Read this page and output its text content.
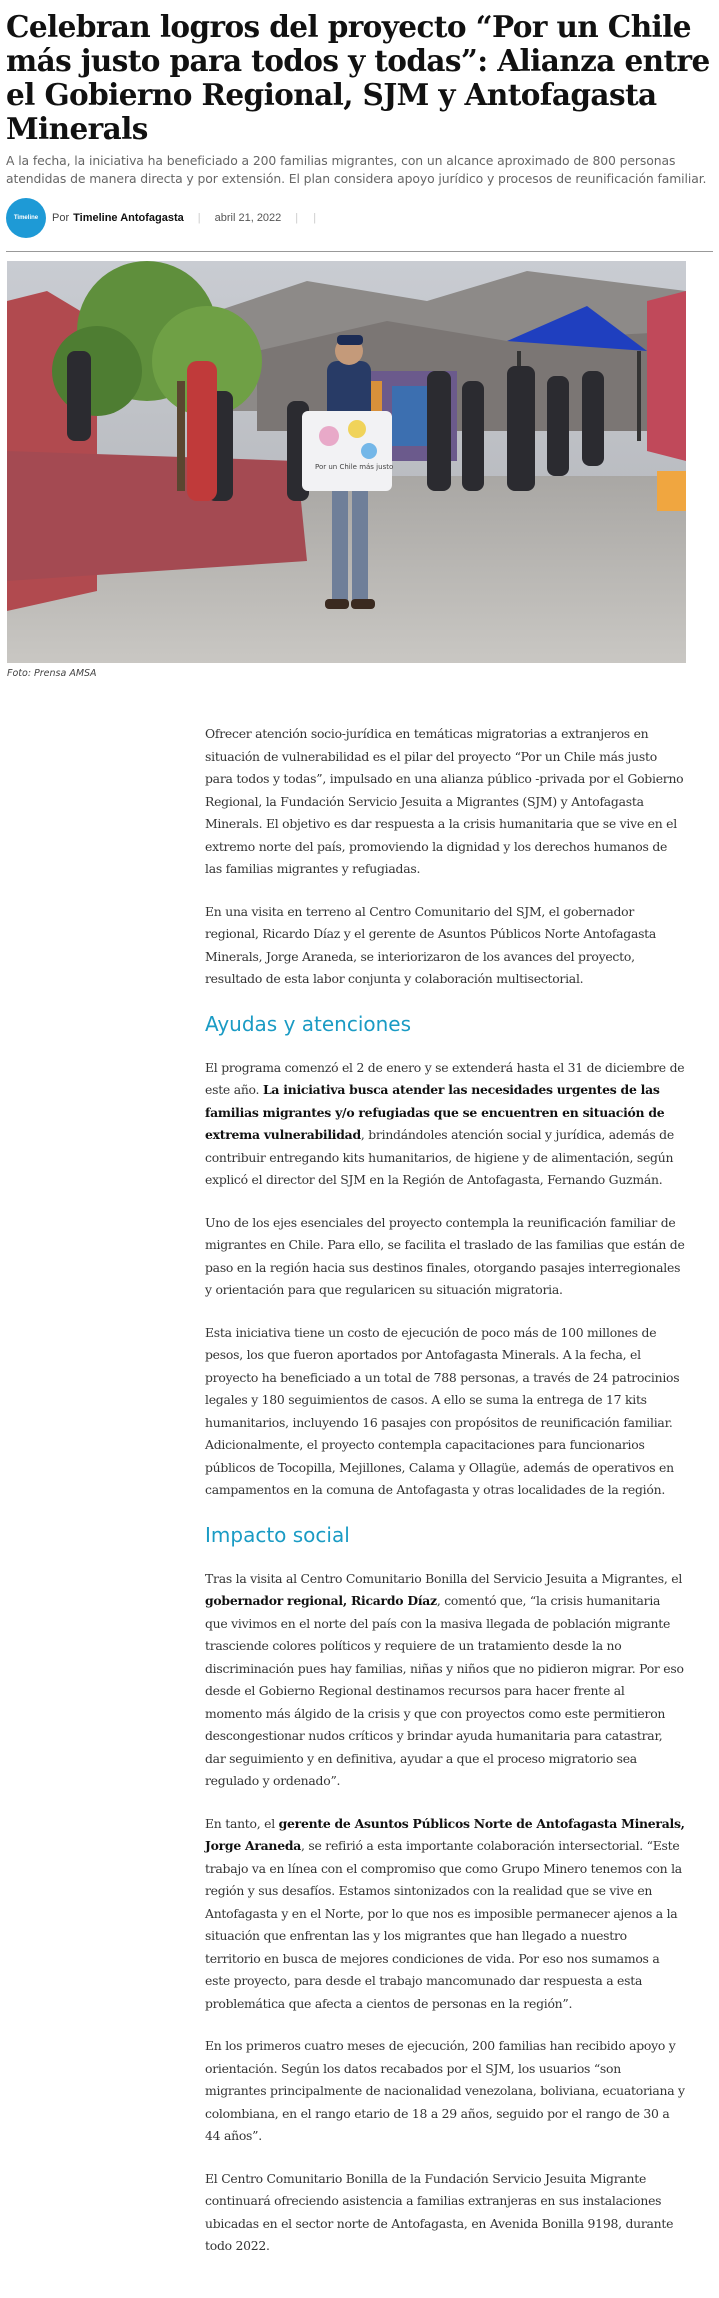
Celebran logros del proyecto “Por un Chile más justo para todos y todas”: Alianza entre el Gobierno Regional, SJM y Antofagasta Minerals

A la fecha, la iniciativa ha beneficiado a 200 familias migrantes, con un alcance aproximado de 800 personas atendidas de manera directa y por extensión. El plan considera apoyo jurídico y procesos de reunificación familiar.

Timeline Por Timeline Antofagasta | abril 21, 2022 | |
Por un Chile más justo
Foto: Prensa AMSA

Ofrecer atención socio-jurídica en temáticas migratorias a extranjeros en situación de vulnerabilidad es el pilar del proyecto “Por un Chile más justo para todos y todas”, impulsado en una alianza público -privada por el Gobierno Regional, la Fundación Servicio Jesuita a Migrantes (SJM) y Antofagasta Minerals. El objetivo es dar respuesta a la crisis humanitaria que se vive en el extremo norte del país, promoviendo la dignidad y los derechos humanos de las familias migrantes y refugiadas.

En una visita en terreno al Centro Comunitario del SJM, el gobernador regional, Ricardo Díaz y el gerente de Asuntos Públicos Norte Antofagasta Minerals, Jorge Araneda, se interiorizaron de los avances del proyecto, resultado de esta labor conjunta y colaboración multisectorial.

Ayudas y atenciones

El programa comenzó el 2 de enero y se extenderá hasta el 31 de diciembre de este año. La iniciativa busca atender las necesidades urgentes de las familias migrantes y/o refugiadas que se encuentren en situación de extrema vulnerabilidad, brindándoles atención social y jurídica, además de contribuir entregando kits humanitarios, de higiene y de alimentación, según explicó el director del SJM en la Región de Antofagasta, Fernando Guzmán.

Uno de los ejes esenciales del proyecto contempla la reunificación familiar de migrantes en Chile. Para ello, se facilita el traslado de las familias que están de paso en la región hacia sus destinos finales, otorgando pasajes interregionales y orientación para que regularicen su situación migratoria.

Esta iniciativa tiene un costo de ejecución de poco más de 100 millones de pesos, los que fueron aportados por Antofagasta Minerals. A la fecha, el proyecto ha beneficiado a un total de 788 personas, a través de 24 patrocinios legales y 180 seguimientos de casos. A ello se suma la entrega de 17 kits humanitarios, incluyendo 16 pasajes con propósitos de reunificación familiar. Adicionalmente, el proyecto contempla capacitaciones para funcionarios públicos de Tocopilla, Mejillones, Calama y Ollagüe, además de operativos en campamentos en la comuna de Antofagasta y otras localidades de la región.

Impacto social

Tras la visita al Centro Comunitario Bonilla del Servicio Jesuita a Migrantes, el gobernador regional, Ricardo Díaz, comentó que, “la crisis humanitaria que vivimos en el norte del país con la masiva llegada de población migrante trasciende colores políticos y requiere de un tratamiento desde la no discriminación pues hay familias, niñas y niños que no pidieron migrar. Por eso desde el Gobierno Regional destinamos recursos para hacer frente al momento más álgido de la crisis y que con proyectos como este permitieron descongestionar nudos críticos y brindar ayuda humanitaria para catastrar, dar seguimiento y en definitiva, ayudar a que el proceso migratorio sea regulado y ordenado”.

En tanto, el gerente de Asuntos Públicos Norte de Antofagasta Minerals, Jorge Araneda, se refirió a esta importante colaboración intersectorial. “Este trabajo va en línea con el compromiso que como Grupo Minero tenemos con la región y sus desafíos. Estamos sintonizados con la realidad que se vive en Antofagasta y en el Norte, por lo que nos es imposible permanecer ajenos a la situación que enfrentan las y los migrantes que han llegado a nuestro territorio en busca de mejores condiciones de vida. Por eso nos sumamos a este proyecto, para desde el trabajo mancomunado dar respuesta a esta problemática que afecta a cientos de personas en la región”.

En los primeros cuatro meses de ejecución, 200 familias han recibido apoyo y orientación. Según los datos recabados por el SJM, los usuarios “son migrantes principalmente de nacionalidad venezolana, boliviana, ecuatoriana y colombiana, en el rango etario de 18 a 29 años, seguido por el rango de 30 a 44 años”.

El Centro Comunitario Bonilla de la Fundación Servicio Jesuita Migrante continuará ofreciendo asistencia a familias extranjeras en sus instalaciones ubicadas en el sector norte de Antofagasta, en Avenida Bonilla 9198, durante todo 2022.
